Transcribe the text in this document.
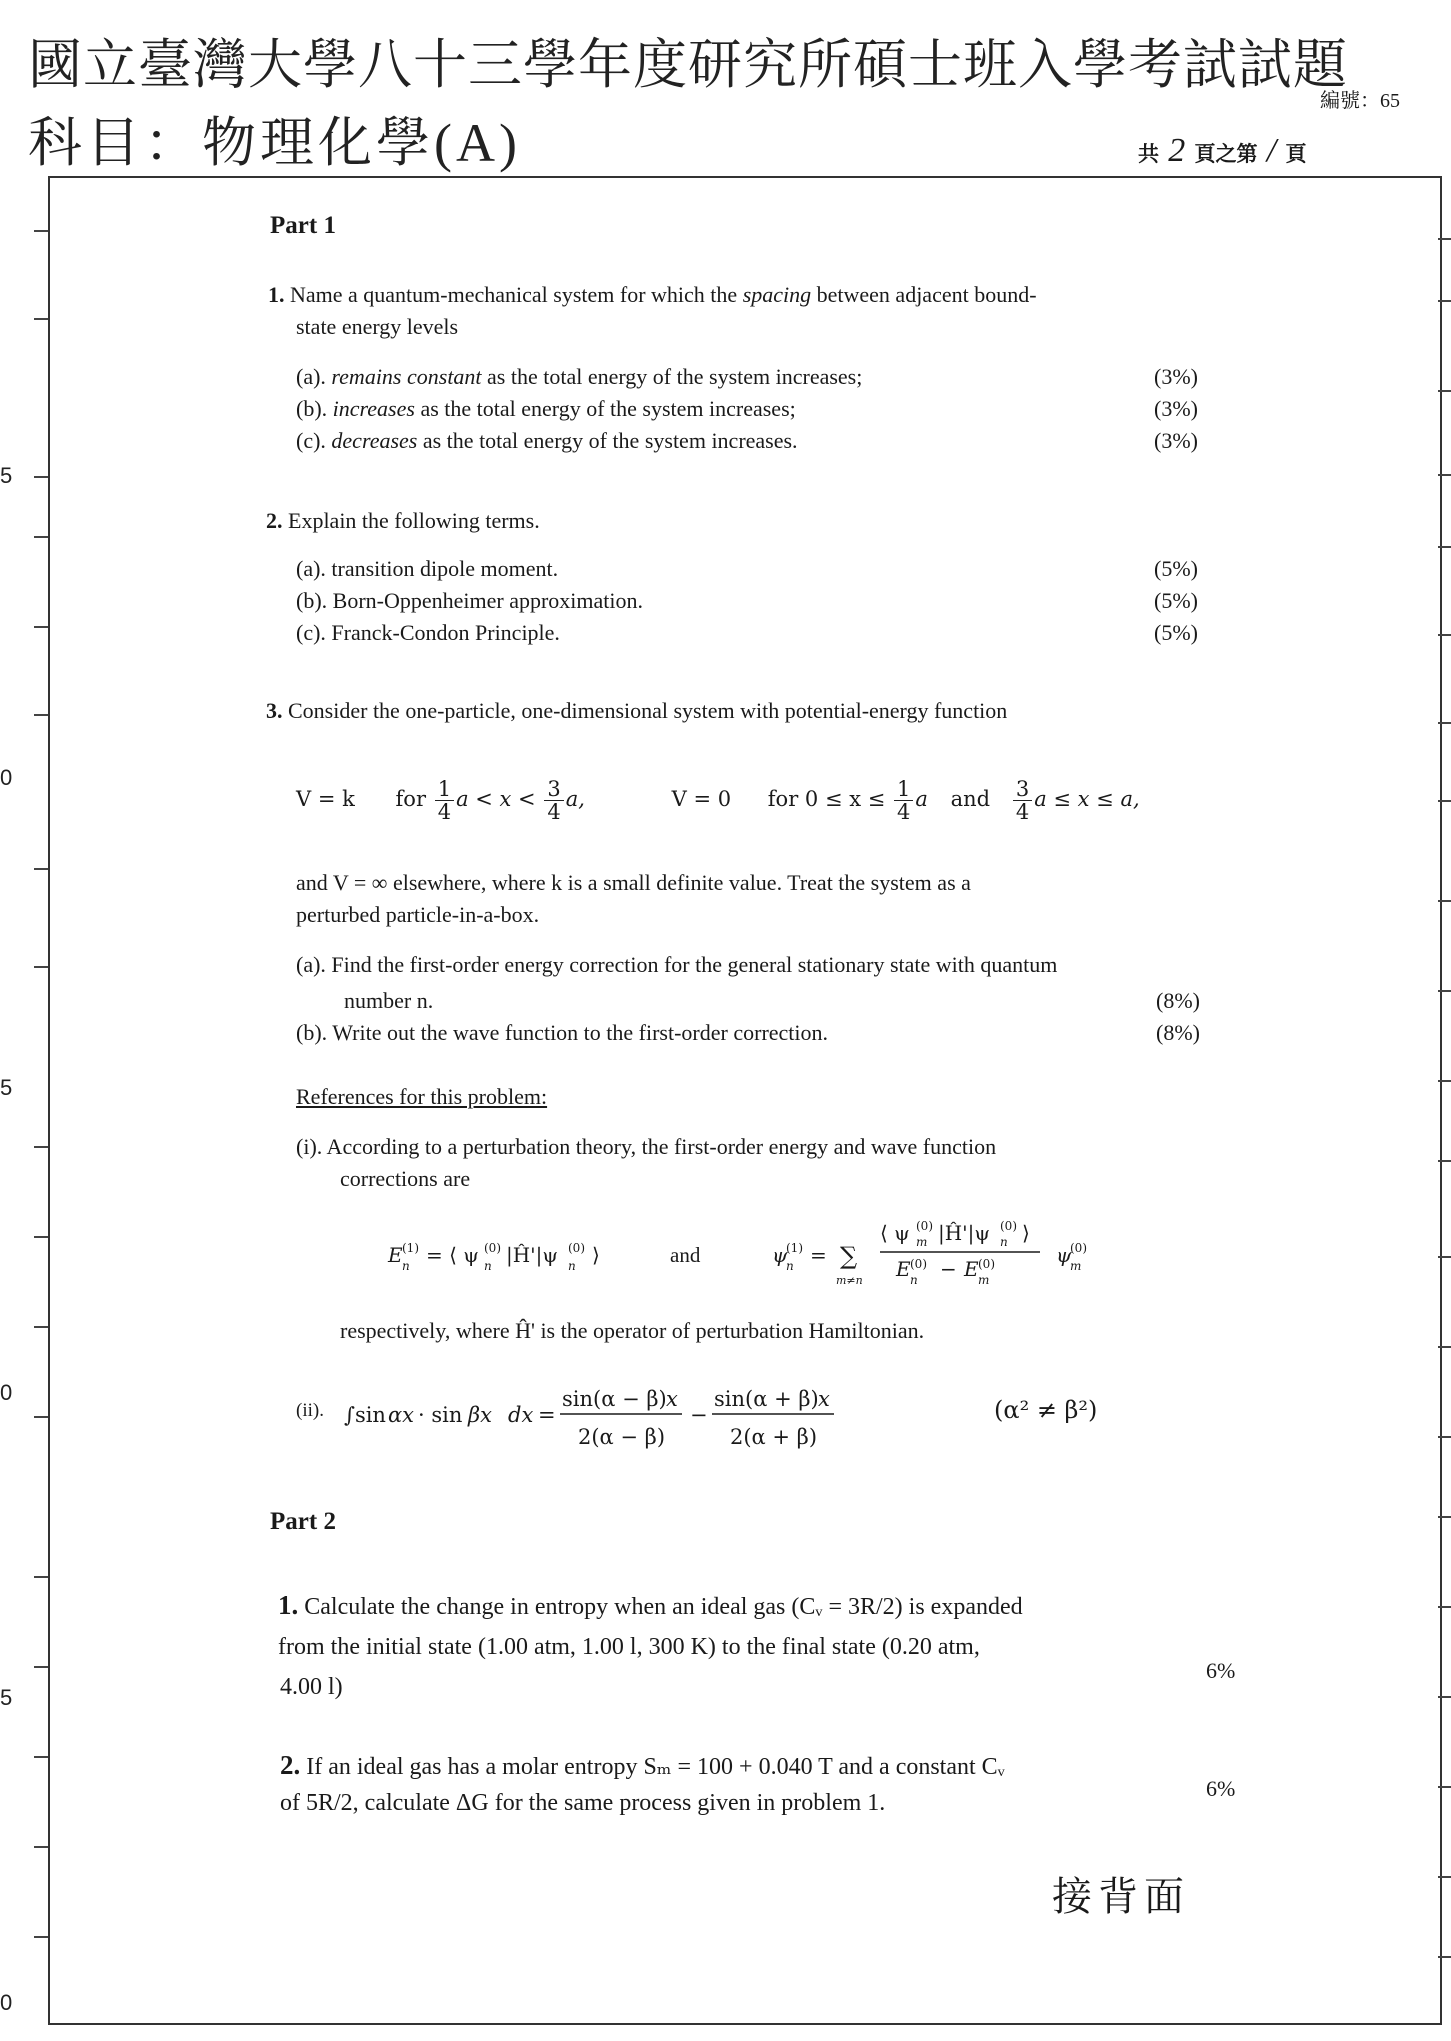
國立臺灣大學八十三學年度研究所碩士班入學考試試題
科目：物理化學(A)
編號：65
共 2 頁之第 / 頁
5
0
5
0
5
0
Part 1
1. Name a quantum-mechanical system for which the spacing between adjacent bound-
state energy levels
(a). remains constant as the total energy of the system increases;	(3%)
(b). increases as the total energy of the system increases;	(3%)
(c). decreases as the total energy of the system increases.	(3%)
2. Explain the following terms.
(a). transition dipole moment.	(5%)
(b). Born-Oppenheimer approximation.	(5%)
(c). Franck-Condon Principle.	(5%)
3. Consider the one-particle, one-dimensional system with potential-energy function
V = k for $\frac{1}{4}$ $a < x < \frac{3}{4} a$,	V = 0 for $0 \le x \le \frac{1}{4}$ a and $\frac{3}{4}$ a ≤ x ≤ a,
and V = ∞ elsewhere, where k is a small definite value. Treat the system as a
perturbed particle-in-a-box.
(a). Find the first-order energy correction for the general stationary state with quantum
number n.	(8%)
(b). Write out the wave function to the first-order correction.	(8%)
References for this problem:
(i). According to a perturbation theory, the first-order energy and wave function
corrections are
E (1)
n = ⟨ ψ (0)
n |Ĥ'|ψ (0)
n ⟩	and	ψ
(1)
n = ∑
m≠n
⟨ ψ (0)
m |Ĥ'|ψ (0)
n ⟩
E (0)
n − E (0)
m
ψ
(0)
m
respectively, where Ĥ' is the operator of perturbation Hamiltonian.
(ii). ∫sin αx · sin βx dx =
sin(α − β) x
2(α − β)
−
sin(α + β) x
2(α + β)
(α² ≠ β²)
Part 2
1. Calculate the change in entropy when an ideal gas (Cᵥ = 3R/2) is expanded
from the initial state (1.00 atm, 1.00 l, 300 K) to the final state (0.20 atm,
4.00 l)
6%
2. If an ideal gas has a molar entropy Sₘ = 100 + 0.040 T and a constant Cᵥ
of 5R/2, calculate ΔG for the same process given in problem 1.
6%
接背面
